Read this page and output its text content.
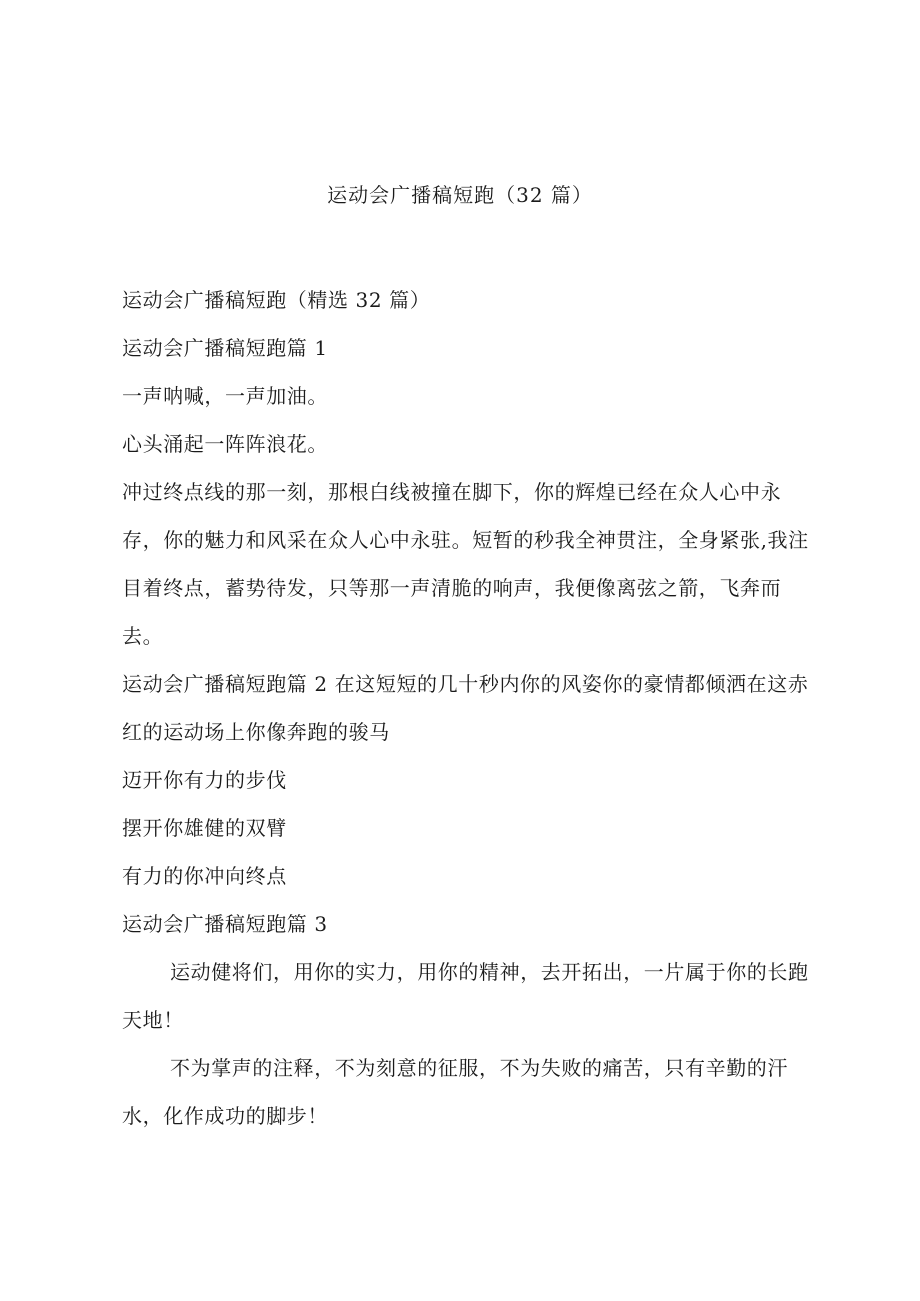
运动会广播稿短跑（32 篇）

运动会广播稿短跑（精选 32 篇）

运动会广播稿短跑篇 1

一声呐喊，一声加油。

心头涌起一阵阵浪花。

冲过终点线的那一刻，那根白线被撞在脚下，你的辉煌已经在众人心中永存，你的魅力和风采在众人心中永驻。短暂的秒我全神贯注，全身紧张,我注目着终点，蓄势待发，只等那一声清脆的响声，我便像离弦之箭，飞奔而去。

运动会广播稿短跑篇 2 在这短短的几十秒内你的风姿你的豪情都倾洒在这赤红的运动场上你像奔跑的骏马

迈开你有力的步伐

摆开你雄健的双臂

有力的你冲向终点

运动会广播稿短跑篇 3

运动健将们，用你的实力，用你的精神，去开拓出，一片属于你的长跑天地！

不为掌声的注释，不为刻意的征服，不为失败的痛苦，只有辛勤的汗水，化作成功的脚步！
